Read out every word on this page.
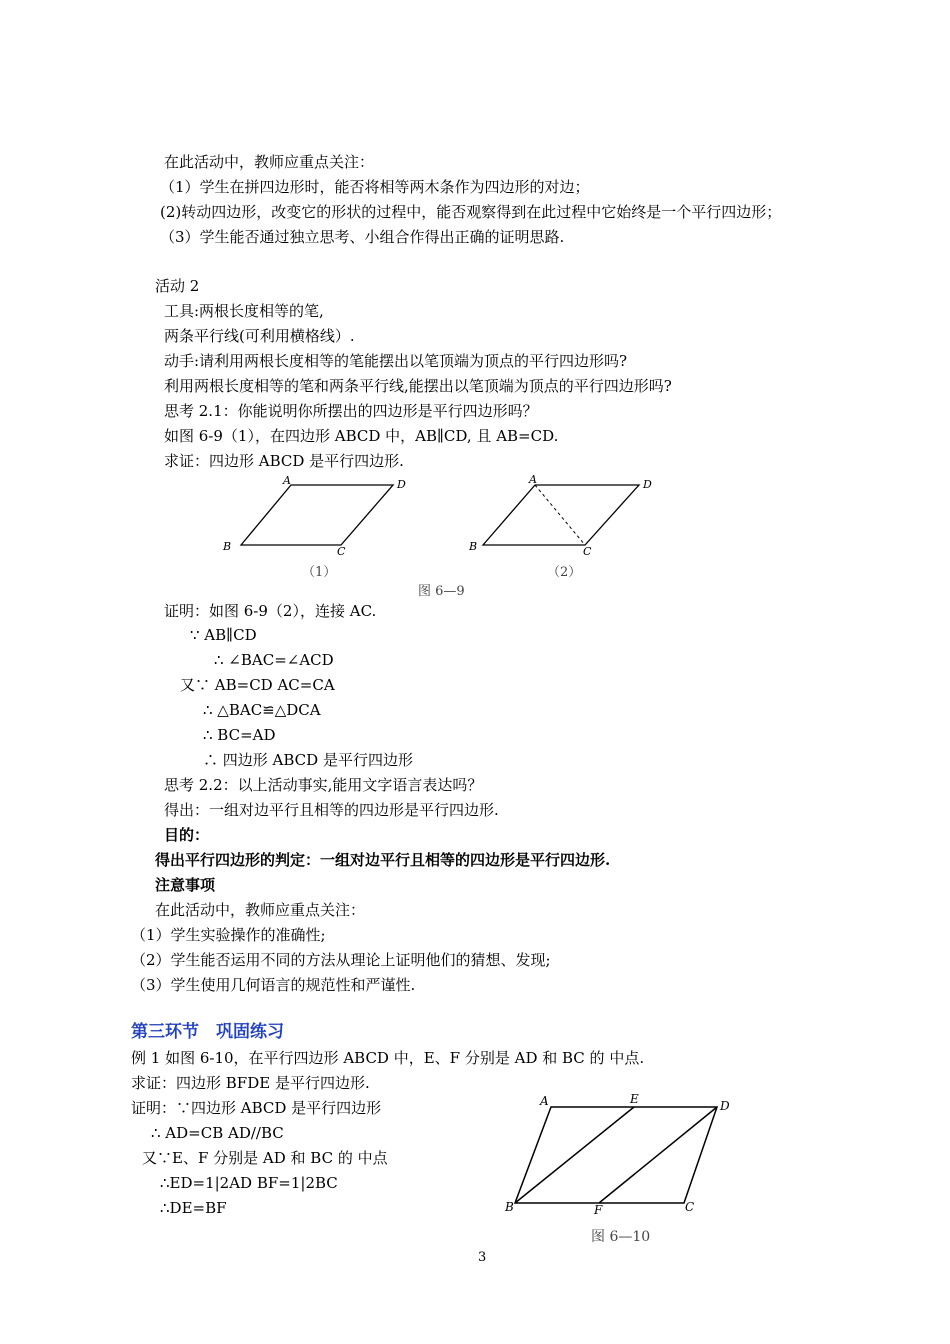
在此活动中，教师应重点关注：
（1）学生在拼四边形时，能否将相等两木条作为四边形的对边；
(2)转动四边形，改变它的形状的过程中，能否观察得到在此过程中它始终是一个平行四边形；
（3）学生能否通过独立思考、小组合作得出正确的证明思路.
活动 2
工具:两根长度相等的笔,
两条平行线(可利用横格线）.
动手:请利用两根长度相等的笔能摆出以笔顶端为顶点的平行四边形吗?
利用两根长度相等的笔和两条平行线,能摆出以笔顶端为顶点的平行四边形吗?
思考 2.1：你能说明你所摆出的四边形是平行四边形吗？
如图 6-9（1），在四边形 ABCD 中，AB∥CD, 且 AB=CD.
求证：四边形 ABCD 是平行四边形.
A
B	C
D	A
B	C
D
（1）	（2）
图 6—9
证明：如图 6-9（2），连接 AC.
∵ AB∥CD
∴ ∠BAC=∠ACD
又∵ AB=CD AC=CA
∴ △BAC≌△DCA
∴ BC=AD
∴ 四边形 ABCD 是平行四边形
思考 2.2：以上活动事实,能用文字语言表达吗？
得出：一组对边平行且相等的四边形是平行四边形.
目的：
得出平行四边形的判定：一组对边平行且相等的四边形是平行四边形.
注意事项
在此活动中，教师应重点关注：
（1）学生实验操作的准确性;
（2）学生能否运用不同的方法从理论上证明他们的猜想、发现;
（3）学生使用几何语言的规范性和严谨性.
第三环节　巩固练习
例 1 如图 6-10，在平行四边形 ABCD 中，E、F 分别是 AD 和 BC 的 中点.
求证：四边形 BFDE 是平行四边形.
证明：∵四边形 ABCD 是平行四边形
∴ AD=CB AD//BC
又∵E、F 分别是 AD 和 BC 的 中点
∴ED=1|2AD BF=1|2BC
∴DE=BF
A	E	D
B	F	C
图 6—10
3
